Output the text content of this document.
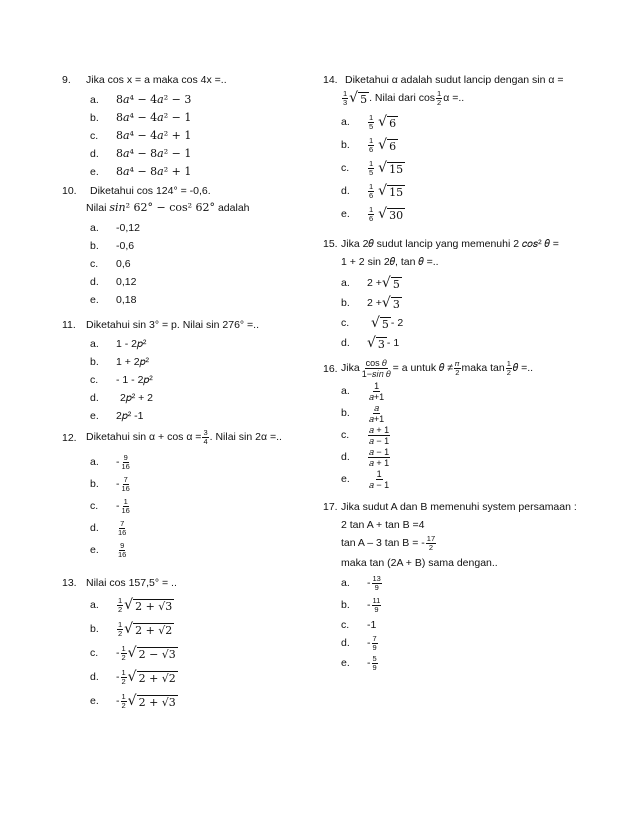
9. Jika cos x = a maka cos 4x =..
a.	8𝑎⁴ − 4𝑎² − 3
b.	8𝑎⁴ − 4𝑎² − 1
c.	8𝑎⁴ − 4𝑎² + 1
d.	8𝑎⁴ − 8𝑎² − 1
e.	8𝑎⁴ − 8𝑎² + 1
10. Diketahui cos 124° = -0,6.
Nilai 𝑠𝑖𝑛² 62° − cos² 62° adalah
a.	-0,12
b.	-0,6
c.	0,6
d.	0,12
e.	0,18
11. Diketahui sin 3° = p. Nilai sin 276° =..
a.	1 - 2𝑝²
b.	1 + 2𝑝²
c.	- 1 - 2𝑝²
d.	2𝑝² + 2
e.	2𝑝² -1
12. Diketahui $\sin \alpha + \cos \alpha = \frac{3}{4}$ . Nilai sin 2α =..
a.	- $\frac{9}{16}$
b.	- $\frac{7}{16}$
c.	- $\frac{1}{16}$
d.	$\frac{7}{16}$
e.	$\frac{9}{16}$
13. Nilai cos 157,5° = ..
a.	$\frac{1}{2}$ √ 2 + √3
b.	$\frac{1}{2}$ √ 2 + √2
c.	- $\frac{1}{2}$ √ 2 − √3
d.	- $\frac{1}{2}$ √ 2 + √2
e.	- $\frac{1}{2}$ √ 2 + √3
14. Diketahui α adalah sudut lancip dengan sin α =
$\frac{1}{3}$ √ 5 . Nilai dari $\cos \frac{1}{2}$ α =..
a.	$\frac{1}{5}$ √ 6
b.	$\frac{1}{6}$ √ 6
c.	$\frac{1}{5}$ √ 15
d.	$\frac{1}{6}$ √ 15
e.	$\frac{1}{6}$ √ 30
15. Jika 2𝜃 sudut lancip yang memenuhi 2 𝑐𝑜𝑠² 𝜃 =
1 + 2 sin 2𝜃, tan 𝜃 =..
a.	2 + √ 5
b.	2 + √ 3
c.	√ 5 - 2
d.	√ 3 - 1
16. Jika $\frac{\text{cos 𝜃}}{\text{1−𝑠𝑖𝑛 𝜃}} = a$ untuk 𝜃 ≠ $\frac{\text{𝜋}}{2}$ maka $\tan \frac{1}{2}$ 𝜃 =..
a.	$\frac{1}{\text{𝑎+1}}$
b.	$\frac{\text{𝑎}}{\text{𝑎+1}}$
c.	$\frac{\text{𝑎 + 1}}{\text{𝑎 − 1}}$
d.	$\frac{\text{𝑎 − 1}}{\text{𝑎 + 1}}$
e.	$\frac{1}{\text{𝑎 − 1}}$
17. Jika sudut A dan B memenuhi system persamaan :
2 tan A + tan B =4
tan A – 3 tan B = - $\frac{17}{2}$
maka tan (2A + B) sama dengan..
a.	- $\frac{13}{9}$
b.	- $\frac{11}{9}$
c.	-1
d.	- $\frac{7}{9}$
e.	- $\frac{5}{9}$
